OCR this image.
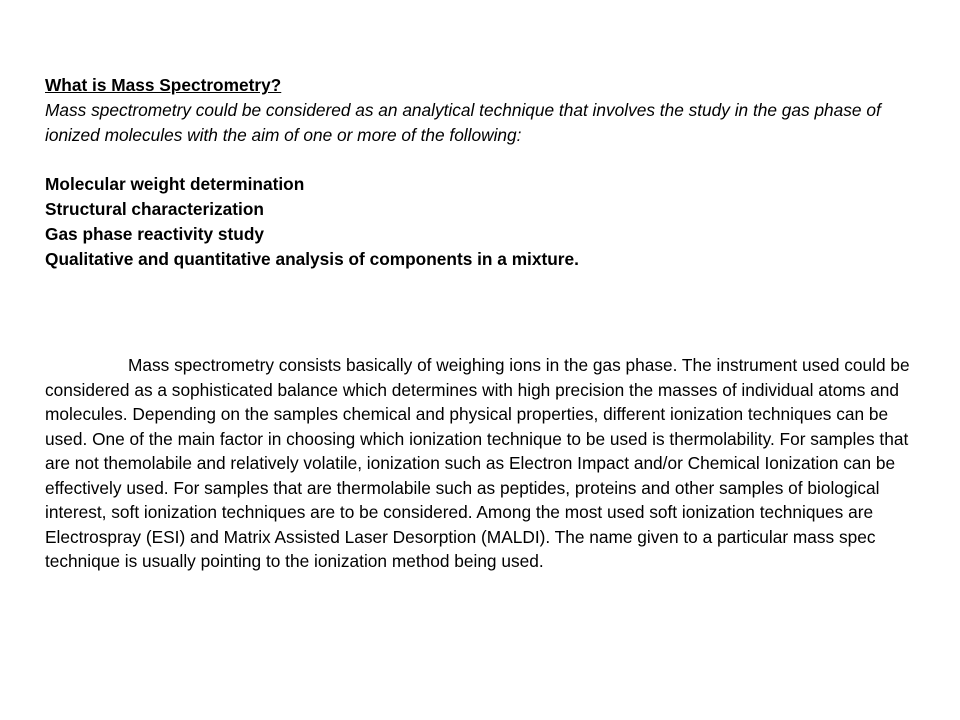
What is Mass Spectrometry?
Mass spectrometry could be considered as an analytical technique that involves the study in the gas phase of ionized molecules with the aim of one or more of the following:
Molecular weight determination
Structural characterization
Gas phase reactivity study
Qualitative and quantitative analysis of components in a mixture.

Mass spectrometry consists basically of weighing ions in the gas phase. The instrument used could be considered as a sophisticated balance which determines with high precision the masses of individual atoms and molecules. Depending on the samples chemical and physical properties, different ionization techniques can be used. One of the main factor in choosing which ionization technique to be used is thermolability. For samples that are not themolabile and relatively volatile, ionization such as Electron Impact and/or Chemical Ionization can be effectively used. For samples that are thermolabile such as peptides, proteins and other samples of biological interest, soft ionization techniques are to be considered. Among the most used soft ionization techniques are Electrospray (ESI) and Matrix Assisted Laser Desorption (MALDI). The name given to a particular mass spec technique is usually pointing to the ionization method being used.
